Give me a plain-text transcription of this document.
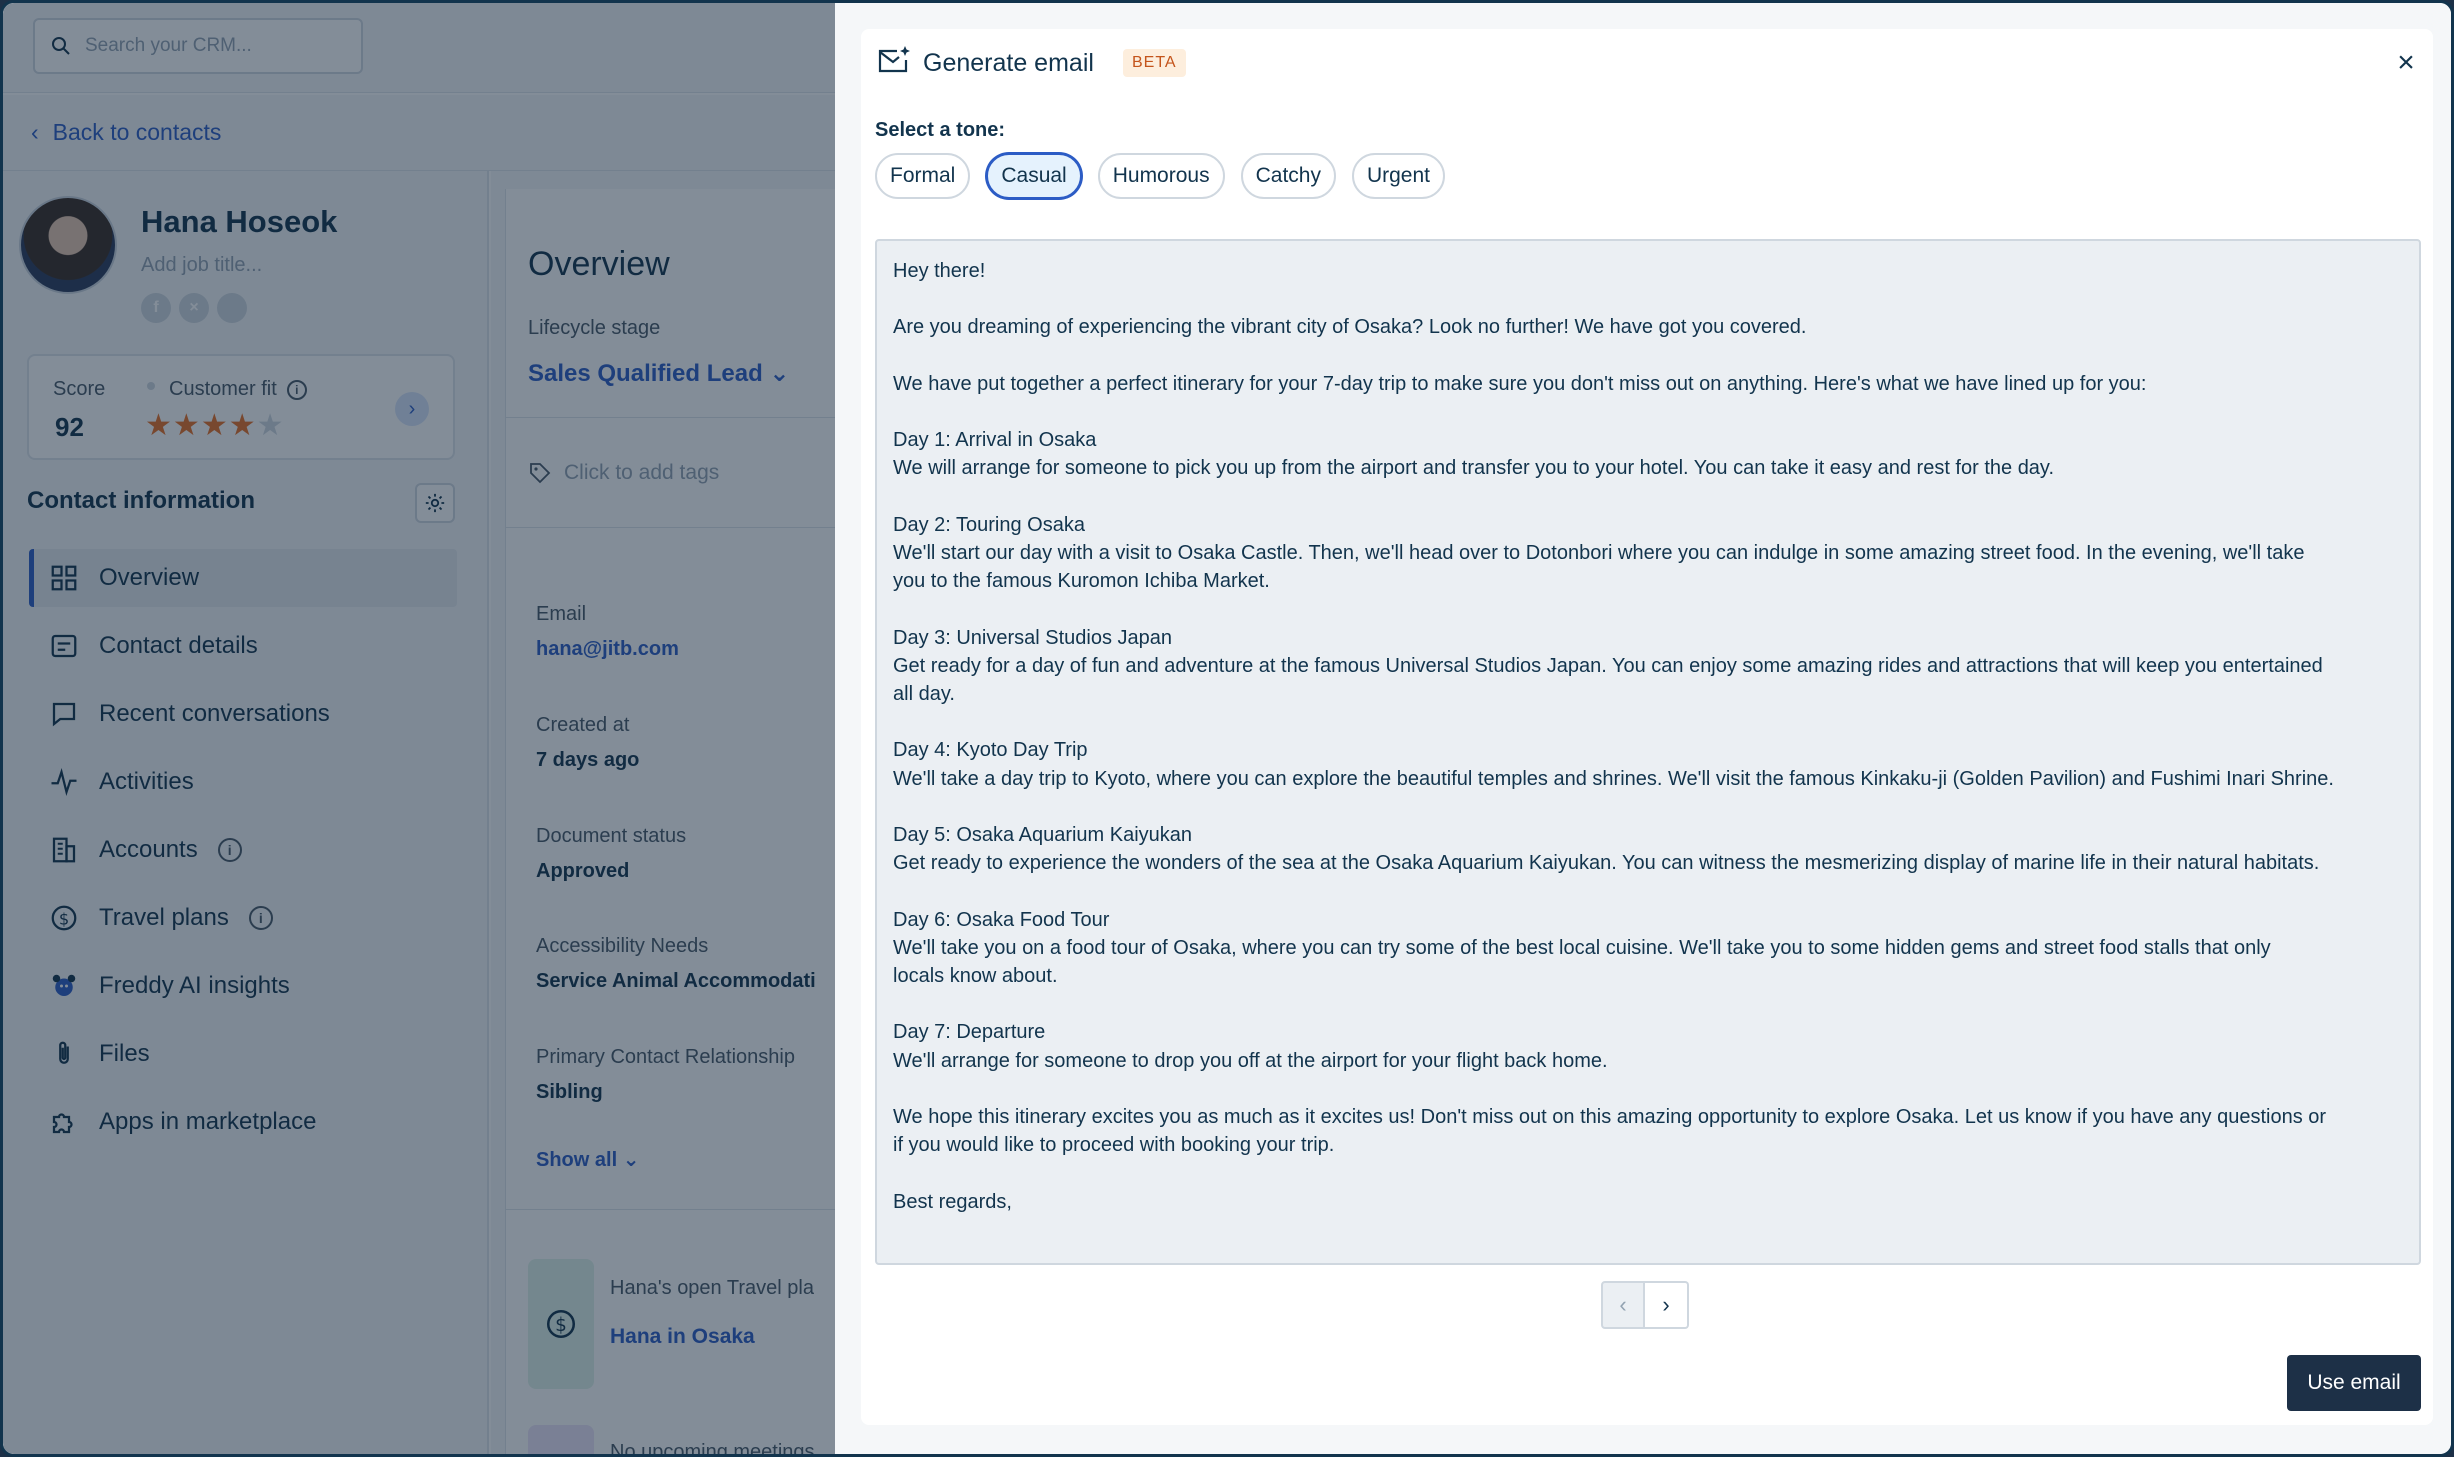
Generate email	BETA	×
Select a tone:
Formal	Casual	Humorous	Catchy	Urgent
Hey there!

Are you dreaming of experiencing the vibrant city of Osaka? Look no further! We have got you covered.

We have put together a perfect itinerary for your 7-day trip to make sure you don't miss out on anything. Here's what we have lined up for you:

Day 1: Arrival in Osaka
We will arrange for someone to pick you up from the airport and transfer you to your hotel. You can take it easy and rest for the day.

Day 2: Touring Osaka
We'll start our day with a visit to Osaka Castle. Then, we'll head over to Dotonbori where you can indulge in some amazing street food. In the evening, we'll take
you to the famous Kuromon Ichiba Market.

Day 3: Universal Studios Japan
Get ready for a day of fun and adventure at the famous Universal Studios Japan. You can enjoy some amazing rides and attractions that will keep you entertained
all day.

Day 4: Kyoto Day Trip
We'll take a day trip to Kyoto, where you can explore the beautiful temples and shrines. We'll visit the famous Kinkaku-ji (Golden Pavilion) and Fushimi Inari Shrine.

Day 5: Osaka Aquarium Kaiyukan
Get ready to experience the wonders of the sea at the Osaka Aquarium Kaiyukan. You can witness the mesmerizing display of marine life in their natural habitats.

Day 6: Osaka Food Tour
We'll take you on a food tour of Osaka, where you can try some of the best local cuisine. We'll take you to some hidden gems and street food stalls that only
locals know about.

Day 7: Departure
We'll arrange for someone to drop you off at the airport for your flight back home.

We hope this itinerary excites you as much as it excites us! Don't miss out on this amazing opportunity to explore Osaka. Let us know if you have any questions or
if you would like to proceed with booking your trip.

Best regards,
‹	›
Use email
